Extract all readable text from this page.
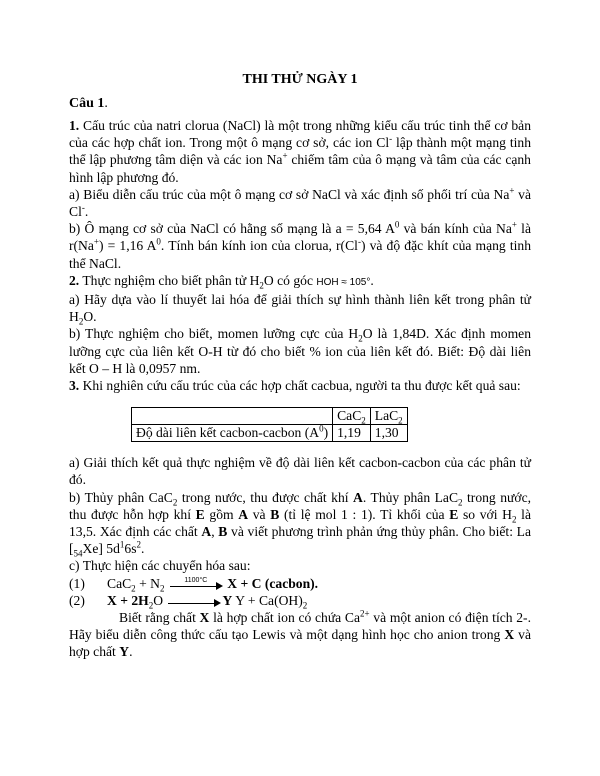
THI THỬ NGÀY 1
Câu 1.

1. Cấu trúc của natri clorua (NaCl) là một trong những kiểu cấu trúc tinh thể cơ bản của các hợp chất ion. Trong một ô mạng cơ sở, các ion Cl- lập thành một mạng tinh thể lập phương tâm diện và các ion Na+ chiếm tâm của ô mạng và tâm của các cạnh hình lập phương đó.

a) Biểu diễn cấu trúc của một ô mạng cơ sở NaCl và xác định số phối trí của Na+ và Cl-.

b) Ô mạng cơ sở của NaCl có hằng số mạng là a = 5,64 $A^0$ và bán kính của Na+ là r(Na+) = 1,16 $A^0$. Tính bán kính ion của clorua, r(Cl-) và độ đặc khít của mạng tinh thể NaCl.

2. Thực nghiệm cho biết phân tử $H_2O$ có góc HOH ≈ 105°.

a) Hãy dựa vào lí thuyết lai hóa để giải thích sự hình thành liên kết trong phân tử $H_2O$.

b) Thực nghiệm cho biết, momen lưỡng cực của $H_2O$ là 1,84D. Xác định momen lưỡng cực của liên kết O-H từ đó cho biết % ion của liên kết đó. Biết: Độ dài liên kết O – H là 0,0957 nm.

3. Khi nghiên cứu cấu trúc của các hợp chất cacbua, người ta thu được kết quả sau:

	CaC$_2$	LaC$_2$
Độ dài liên kết cacbon-cacbon $(A^0)$	1,19	1,30

a) Giải thích kết quả thực nghiệm về độ dài liên kết cacbon-cacbon của các phân tử đó.

b) Thủy phân CaC$_2$ trong nước, thu được chất khí A. Thủy phân LaC$_2$ trong nước, thu được hỗn hợp khí E gồm A và B (tỉ lệ mol 1 : 1). Tỉ khối của E so với $H_2$ là 13,5. Xác định các chất A, B và viết phương trình phản ứng thủy phân. Cho biết: La $[_{54}Xe]$ $5d^16s^2$.

c) Thực hiện các chuyển hóa sau:

(1) $CaC_2 + N_2$
1100°C	X + C (cacbon).

(2) $X + 2H_2O$	Y $Y + Ca(OH)_2$

Biết rằng chất X là hợp chất ion có chứa $Ca^{2+}$ và một anion có điện tích 2-. Hãy biểu diễn công thức cấu tạo Lewis và một dạng hình học cho anion trong X và hợp chất Y.
